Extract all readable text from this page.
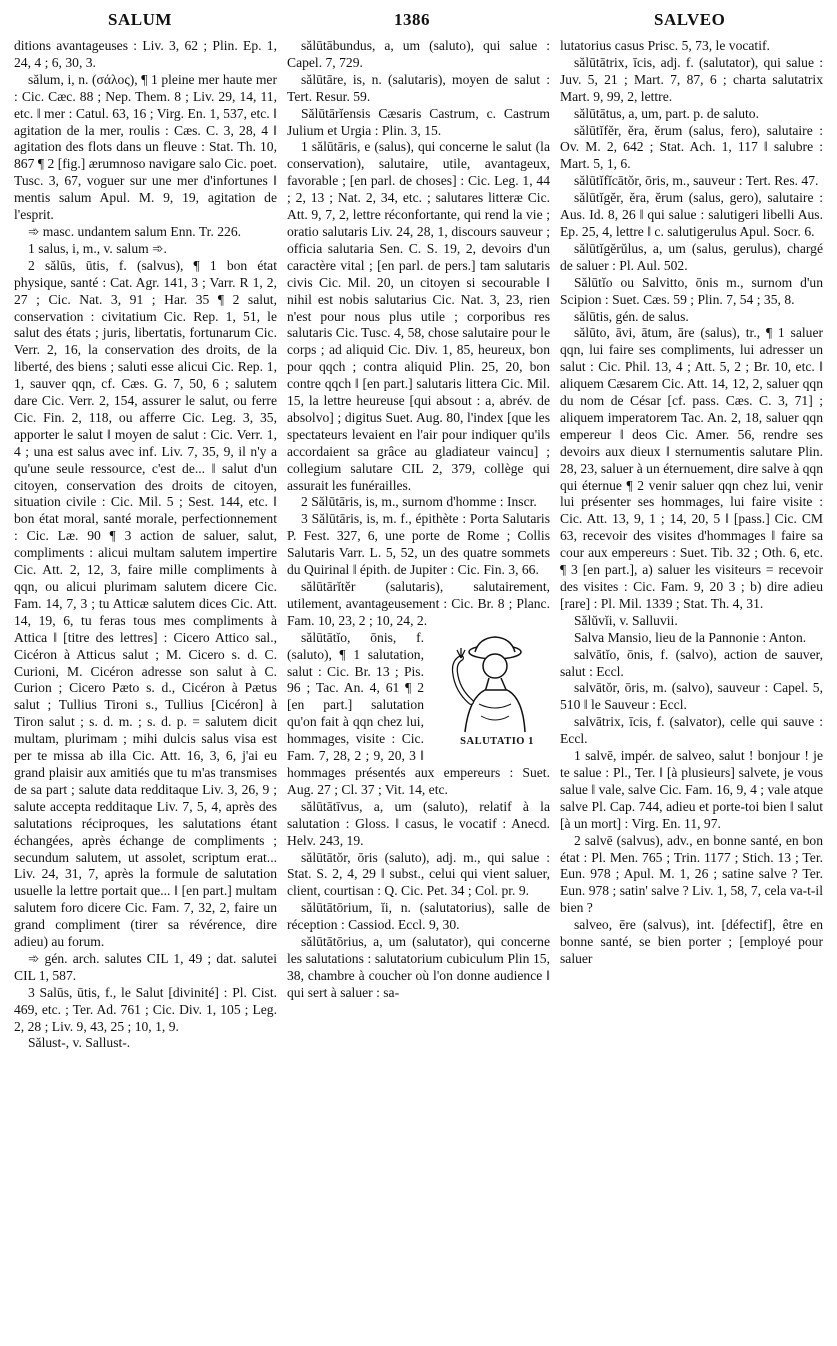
SALUM	1386	SALVEO

ditions avantageuses : Liv. 3, 62 ; Plin. Ep. 1, 24, 4 ; 6, 30, 3.

sălum, i, n. (σάλος), ¶ 1 pleine mer haute mer : Cic. Cæc. 88 ; Nep. Them. 8 ; Liv. 29, 14, 11, etc. ‖ mer : Catul. 63, 16 ; Virg. En. 1, 537, etc. ‖ agitation de la mer, roulis : Cæs. C. 3, 28, 4 ‖ agitation des flots dans un fleuve : Stat. Th. 10, 867 ¶ 2 [fig.] ærumnoso navigare salo Cic. poet. Tusc. 3, 67, voguer sur une mer d'infortunes ‖ mentis salum Apul. M. 9, 19, agitation de l'esprit.

➾ masc. undantem salum Enn. Tr. 226.

1 salus, i, m., v. salum ➾.

2 sălūs, ūtis, f. (salvus), ¶ 1 bon état physique, santé : Cat. Agr. 141, 3 ; Varr. R 1, 2, 27 ; Cic. Nat. 3, 91 ; Har. 35 ¶ 2 salut, conservation : civitatium Cic. Rep. 1, 51, le salut des états ; juris, libertatis, fortunarum Cic. Verr. 2, 16, la conservation des droits, de la liberté, des biens ; saluti esse alicui Cic. Rep. 1, 1, sauver qqn, cf. Cæs. G. 7, 50, 6 ; salutem dare Cic. Verr. 2, 154, assurer le salut, ou ferre Cic. Fin. 2, 118, ou afferre Cic. Leg. 3, 35, apporter le salut ‖ moyen de salut : Cic. Verr. 1, 4 ; una est salus avec inf. Liv. 7, 35, 9, il n'y a qu'une seule ressource, c'est de... ‖ salut d'un citoyen, conservation des droits de citoyen, situation civile : Cic. Mil. 5 ; Sest. 144, etc. ‖ bon état moral, santé morale, perfectionnement : Cic. Læ. 90 ¶ 3 action de saluer, salut, compliments : alicui multam salutem impertire Cic. Att. 2, 12, 3, faire mille compliments à qqn, ou alicui plurimam salutem dicere Cic. Fam. 14, 7, 3 ; tu Atticæ salutem dices Cic. Att. 14, 19, 6, tu feras tous mes compliments à Attica ‖ [titre des lettres] : Cicero Attico sal., Cicéron à Atticus salut ; M. Cicero s. d. C. Curioni, M. Cicéron adresse son salut à C. Curion ; Cicero Pæto s. d., Cicéron à Pætus salut ; Tullius Tironi s., Tullius [Cicéron] à Tiron salut ; s. d. m. ; s. d. p. = salutem dicit multam, plurimam ; mihi dulcis salus visa est per te missa ab illa Cic. Att. 16, 3, 6, j'ai eu grand plaisir aux amitiés que tu m'as transmises de sa part ; salute data redditaque Liv. 3, 26, 9 ; salute accepta redditaque Liv. 7, 5, 4, après des salutations réciproques, les salutations étant échangées, après échange de compliments ; secundum salutem, ut assolet, scriptum erat... Liv. 24, 31, 7, après la formule de salutation usuelle la lettre portait que... ‖ [en part.] multam salutem foro dicere Cic. Fam. 7, 32, 2, faire un grand compliment (tirer sa révérence, dire adieu) au forum.

➾ gén. arch. salutes CIL 1, 49 ; dat. salutei CIL 1, 587.

3 Salūs, ūtis, f., le Salut [divinité] : Pl. Cist. 469, etc. ; Ter. Ad. 761 ; Cic. Div. 1, 105 ; Leg. 2, 28 ; Liv. 9, 43, 25 ; 10, 1, 9.

Sălust-, v. Sallust-.

sălūtābundus, a, um (saluto), qui salue : Capel. 7, 729.

sălūtāre, is, n. (salutaris), moyen de salut : Tert. Resur. 59.

Sălūtārĭensis Cæsaris Castrum, c. Castrum Julium et Urgia : Plin. 3, 15.

1 sălūtāris, e (salus), qui concerne le salut (la conservation), salutaire, utile, avantageux, favorable ; [en parl. de choses] : Cic. Leg. 1, 44 ; 2, 13 ; Nat. 2, 34, etc. ; salutares litteræ Cic. Att. 9, 7, 2, lettre réconfortante, qui rend la vie ; oratio salutaris Liv. 24, 28, 1, discours sauveur ; officia salutaria Sen. C. S. 19, 2, devoirs d'un caractère vital ; [en parl. de pers.] tam salutaris civis Cic. Mil. 20, un citoyen si secourable ‖ nihil est nobis salutarius Cic. Nat. 3, 23, rien n'est pour nous plus utile ; corporibus res salutaris Cic. Tusc. 4, 58, chose salutaire pour le corps ; ad aliquid Cic. Div. 1, 85, heureux, bon pour qqch ; contra aliquid Plin. 25, 20, bon contre qqch ‖ [en part.] salutaris littera Cic. Mil. 15, la lettre heureuse [qui absout : a, abrév. de absolvo] ; digitus Suet. Aug. 80, l'index [que les spectateurs levaient en l'air pour indiquer qu'ils accordaient sa grâce au gladiateur vaincu] ; collegium salutare CIL 2, 379, collège qui assurait les funérailles.

2 Sălūtāris, is, m., surnom d'homme : Inscr.

3 Sălūtāris, is, m. f., épithète : Porta Salutaris P. Fest. 327, 6, une porte de Rome ; Collis Salutaris Varr. L. 5, 52, un des quatre sommets du Quirinal ‖ épith. de Jupiter : Cic. Fin. 3, 66.

sălūtārĭtĕr (salutaris), salutairement, utilement, avantageusement : Cic. Br. 8 ; Planc. Fam. 10, 23, 2 ; 10, 24, 2.

SALUTATIO 1
sălūtātĭo, ōnis, f. (saluto), ¶ 1 salutation, salut : Cic. Br. 13 ; Pis. 96 ; Tac. An. 4, 61 ¶ 2 [en part.] salutation qu'on fait à qqn chez lui, hommages, visite : Cic. Fam. 7, 28, 2 ; 9, 20, 3 ‖ hommages présentés aux empereurs : Suet. Aug. 27 ; Cl. 37 ; Vit. 14, etc.

sălūtātīvus, a, um (saluto), relatif à la salutation : Gloss. ‖ casus, le vocatif : Anecd. Helv. 243, 19.

sălūtātŏr, ōris (saluto), adj. m., qui salue : Stat. S. 2, 4, 29 ‖ subst., celui qui vient saluer, client, courtisan : Q. Cic. Pet. 34 ; Col. pr. 9.

sălūtātōrium, ĭi, n. (salutatorius), salle de réception : Cassiod. Eccl. 9, 30.

sălūtātōrius, a, um (salutator), qui concerne les salutations : salutatorium cubiculum Plin 15, 38, chambre à coucher où l'on donne audience ‖ qui sert à saluer : sa-

lutatorius casus Prisc. 5, 73, le vocatif.

sălūtātrix, īcis, adj. f. (salutator), qui salue : Juv. 5, 21 ; Mart. 7, 87, 6 ; charta salutatrix Mart. 9, 99, 2, lettre.

sălūtātus, a, um, part. p. de saluto.

sălūtĭfĕr, ĕra, ĕrum (salus, fero), salutaire : Ov. M. 2, 642 ; Stat. Ach. 1, 117 ‖ salubre : Mart. 5, 1, 6.

sălūtĭfĭcātŏr, ōris, m., sauveur : Tert. Res. 47.

sălūtĭgĕr, ĕra, ĕrum (salus, gero), salutaire : Aus. Id. 8, 26 ‖ qui salue : salutigeri libelli Aus. Ep. 25, 4, lettre ‖ c. salutigerulus Apul. Socr. 6.

sălūtĭgĕrŭlus, a, um (salus, gerulus), chargé de saluer : Pl. Aul. 502.

Sălūtĭo ou Salvitto, ōnis m., surnom d'un Scipion : Suet. Cæs. 59 ; Plin. 7, 54 ; 35, 8.

sălūtis, gén. de salus.

sălūto, āvi, ātum, āre (salus), tr., ¶ 1 saluer qqn, lui faire ses compliments, lui adresser un salut : Cic. Phil. 13, 4 ; Att. 5, 2 ; Br. 10, etc. ‖ aliquem Cæsarem Cic. Att. 14, 12, 2, saluer qqn du nom de César [cf. pass. Cæs. C. 3, 71] ; aliquem imperatorem Tac. An. 2, 18, saluer qqn empereur ‖ deos Cic. Amer. 56, rendre ses devoirs aux dieux ‖ sternumentis salutare Plin. 28, 23, saluer à un éternuement, dire salve à qqn qui éternue ¶ 2 venir saluer qqn chez lui, venir lui présenter ses hommages, lui faire visite : Cic. Att. 13, 9, 1 ; 14, 20, 5 ‖ [pass.] Cic. CM 63, recevoir des visites d'hommages ‖ faire sa cour aux empereurs : Suet. Tib. 32 ; Oth. 6, etc. ¶ 3 [en part.], a) saluer les visiteurs = recevoir des visites : Cic. Fam. 9, 20 3 ; b) dire adieu [rare] : Pl. Mil. 1339 ; Stat. Th. 4, 31.

Sălŭvĭi, v. Salluvii.

Salva Mansio, lieu de la Pannonie : Anton.

salvātĭo, ōnis, f. (salvo), action de sauver, salut : Eccl.

salvātŏr, ōris, m. (salvo), sauveur : Capel. 5, 510 ‖ le Sauveur : Eccl.

salvātrix, īcis, f. (salvator), celle qui sauve : Eccl.

1 salvē, impér. de salveo, salut ! bonjour ! je te salue : Pl., Ter. ‖ [à plusieurs] salvete, je vous salue ‖ vale, salve Cic. Fam. 16, 9, 4 ; vale atque salve Pl. Cap. 744, adieu et porte-toi bien ‖ salut [à un mort] : Virg. En. 11, 97.

2 salvē (salvus), adv., en bonne santé, en bon état : Pl. Men. 765 ; Trin. 1177 ; Stich. 13 ; Ter. Eun. 978 ; Apul. M. 1, 26 ; satine salve ? Ter. Eun. 978 ; satin' salve ? Liv. 1, 58, 7, cela va-t-il bien ?

salveo, ēre (salvus), int. [défectif], être en bonne santé, se bien porter ; [employé pour saluer
